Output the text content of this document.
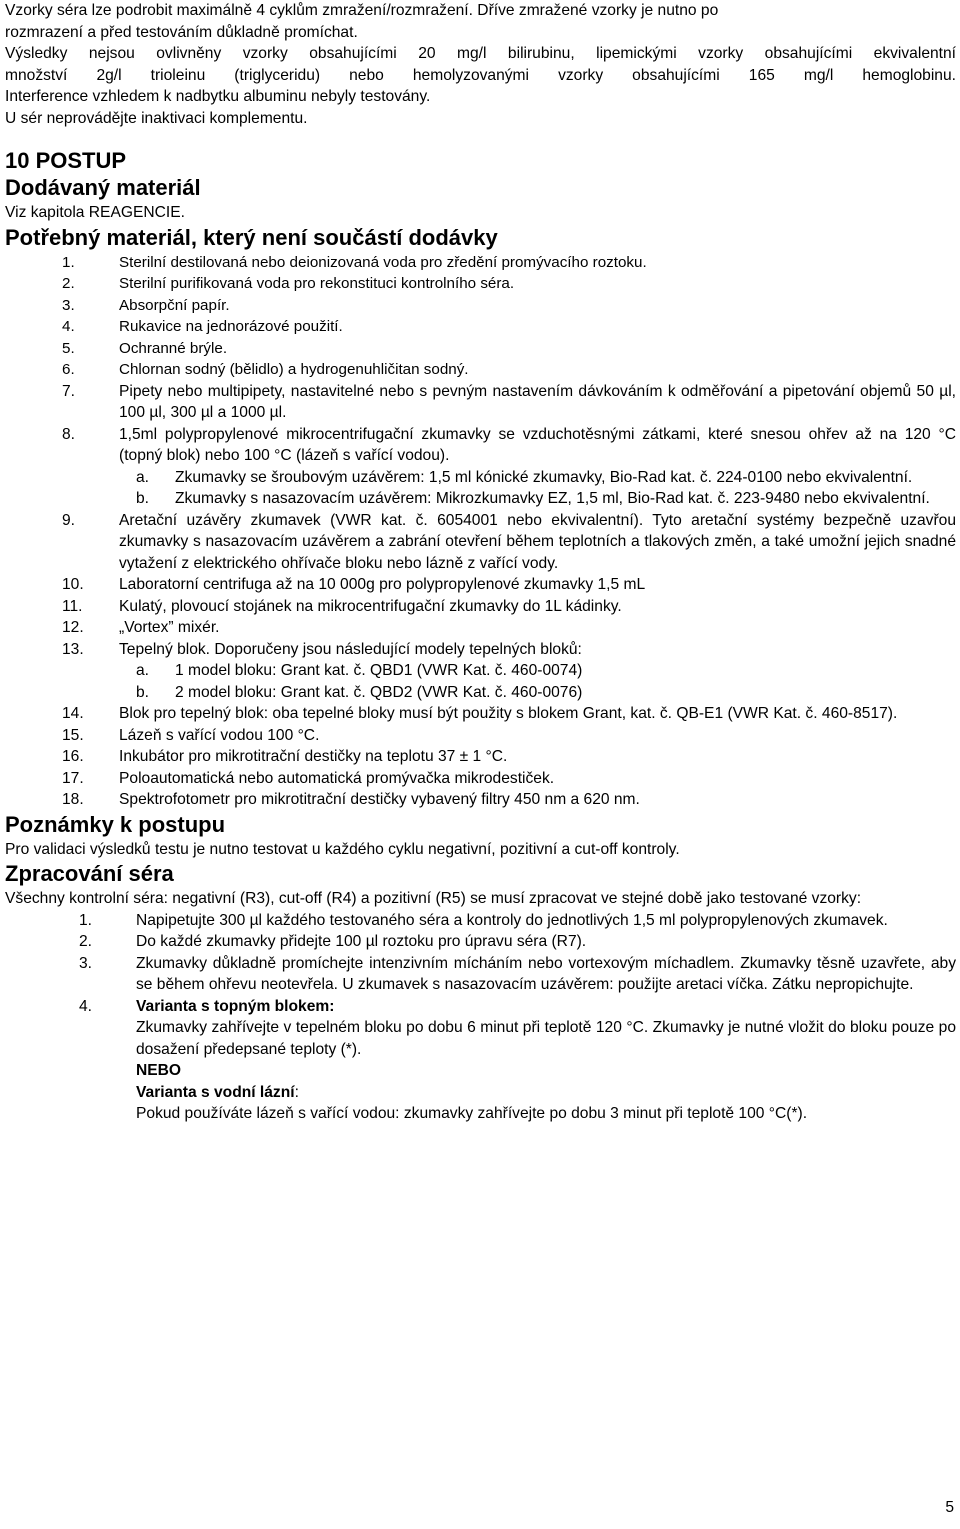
Vzorky séra lze podrobit maximálně 4 cyklům zmražení/rozmražení. Dříve zmražené vzorky je nutno po

rozmrazení a před testováním důkladně promíchat.

Výsledky nejsou ovlivněny vzorky obsahujícími 20 mg/l bilirubinu, lipemickými vzorky obsahujícími ekvivalentní

množství 2g/l trioleinu (triglyceridu) nebo hemolyzovanými vzorky obsahujícími 165 mg/l hemoglobinu.

Interference vzhledem k nadbytku albuminu nebyly testovány.

U sér neprovádějte inaktivaci komplementu.

10 POSTUP
Dodávaný materiál

Viz kapitola REAGENCIE.

Potřebný materiál, který není součástí dodávky
1.	Sterilní destilovaná nebo deionizovaná voda pro zředění promývacího roztoku.
2.	Sterilní purifikovaná voda pro rekonstituci kontrolního séra.
3.	Absorpční papír.
4.	Rukavice na jednorázové použití.
5.	Ochranné brýle.
6.	Chlornan sodný (bělidlo) a hydrogenuhličitan sodný.
7.	Pipety nebo multipipety, nastavitelné nebo s pevným nastavením dávkováním k odměřování a pipetování objemů 50 µl, 100 µl, 300 µl a 1000 µl.
8.	1,5ml polypropylenové mikrocentrifugační zkumavky se vzduchotěsnými zátkami, které snesou ohřev až na 120 °C (topný blok) nebo 100 °C (lázeň s vařící vodou).
a. Zkumavky se šroubovým uzávěrem: 1,5 ml kónické zkumavky, Bio-Rad kat. č. 224-0100 nebo ekvivalentní.
b. Zkumavky s nasazovacím uzávěrem: Mikrozkumavky EZ, 1,5 ml, Bio-Rad kat. č. 223-9480 nebo ekvivalentní.
9.	Aretační uzávěry zkumavek (VWR kat. č. 6054001 nebo ekvivalentní). Tyto aretační systémy bezpečně uzavřou zkumavky s nasazovacím uzávěrem a zabrání otevření během teplotních a tlakových změn, a také umožní jejich snadné vytažení z elektrického ohřívače bloku nebo lázně z vařící vody.
10. Laboratorní centrifuga až na 10 000g pro polypropylenové zkumavky 1,5 mL
11. Kulatý, plovoucí stojánek na mikrocentrifugační zkumavky do 1L kádinky.
12. „Vortex” mixér.
13. Tepelný blok. Doporučeny jsou následující modely tepelných bloků:
a. 1 model bloku: Grant kat. č. QBD1 (VWR Kat. č. 460-0074)
b. 2 model bloku: Grant kat. č. QBD2 (VWR Kat. č. 460-0076)
14. Blok pro tepelný blok: oba tepelné bloky musí být použity s blokem Grant, kat. č. QB-E1 (VWR Kat. č. 460-8517).
15. Lázeň s vařící vodou 100 °C.
16. Inkubátor pro mikrotitrační destičky na teplotu 37 ± 1 °C.
17. Poloautomatická nebo automatická promývačka mikrodestiček.
18. Spektrofotometr pro mikrotitrační destičky vybavený filtry 450 nm a 620 nm.
Poznámky k postupu

Pro validaci výsledků testu je nutno testovat u každého cyklu negativní, pozitivní a cut-off kontroly.

Zpracování séra

Všechny kontrolní séra: negativní (R3), cut-off (R4) a pozitivní (R5) se musí zpracovat ve stejné době jako testované vzorky:

1.	Napipetujte 300 µl každého testovaného séra a kontroly do jednotlivých 1,5 ml polypropylenových zkumavek.
2.	Do každé zkumavky přidejte 100 µl roztoku pro úpravu séra (R7).
3.	Zkumavky důkladně promíchejte intenzivním mícháním nebo vortexovým míchadlem. Zkumavky těsně uzavřete, aby se během ohřevu neotevřela. U zkumavek s nasazovacím uzávěrem: použijte aretaci víčka. Zátku nepropichujte.
4.	Varianta s topným blokem:

Zkumavky zahřívejte v tepelném bloku po dobu 6 minut při teplotě 120 °C. Zkumavky je nutné vložit do bloku pouze po dosažení předepsané teploty (*).

NEBO

Varianta s vodní lázní:

Pokud používáte lázeň s vařící vodou: zkumavky zahřívejte po dobu 3 minut při teplotě 100 °C(*).

5
